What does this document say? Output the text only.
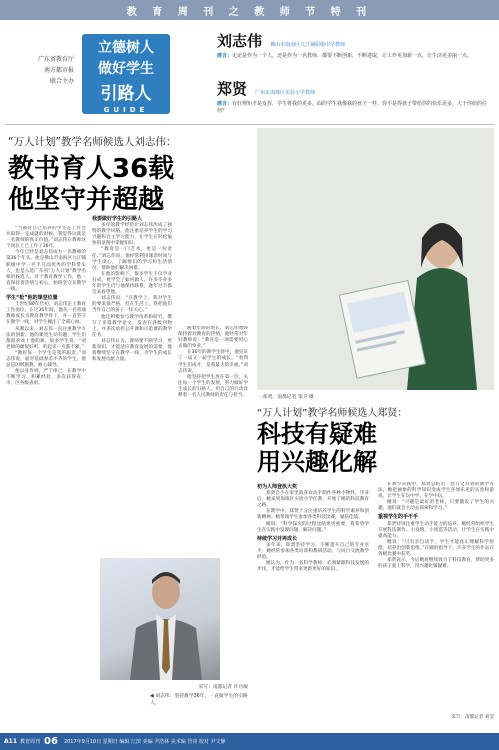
教 育 周 刊 之 教 师 节 特 刊
广东省教育厅
南方都市报
联合主办
立德树人
做好学生
引路人
GUIDE
刘志伟 佛山市南海区九江铺职级中学教师
感言：无论是作为一个人，还是作为一名教师，都要不断创新，不断进取，让工作更加新一点，让生活更美丽一点。
郑贤 广州市海珠区实验小学教师
感言：有好规矩才是发挥，学生将我的更多，面的学生我像我的孩子一样，你不是得孩子带给你的快乐更多，大于你给的任何？
“万人计划”教学名师候选人刘志伟：
教书育人36载
他坚守并超越

“当教育自己培养的学生走上社会并取得一定成就的时候，我觉得这就是一名教师的真正价值。”刘志伟在教师这个岗位上已工作了36年。

今年已经是刘志伟成为一名教师的第36个年头。他是佛山市南海区九江铺职级中学一名平凡而优秀的学科带头人，也是入选广东省“万人计划”教学名师的候选人。对于教育教学工作，他一直保持着热情与初心，始终坚守在教学一线。

学生“抢”他的课堂位置

上世纪80年代初，刘志伟走上教育工作岗位。在这36年间，他从一名普通教师成长为教育教学骨干，并一直坚守在教学一线，对学生倾注了全部心血。

从教以来，刘志伟一直注重教学方法的创新。他的课堂生动有趣，学生们都很喜欢上他的课。很多学生说：“刘老师的课很好听，听起来一点都不累。”

“教好每一个学生是我的职责。”刘志伟说，面对基础参差不齐的学生，他总是因材施教，耐心辅导。

他以身作则，严于律己，在教学中不断学习、积累经验，多次获得省、市、区各级表彰。

我要做好学生的引路人

多年的教学经验让刘志伟形成了独特的教学风格。他注重培养学生的学习兴趣和自主学习能力，让学生在轻松愉快的氛围中掌握知识。

“教育是一门艺术，更是一份责任。”刘志伟说，他经常利用课余时间与学生谈心，了解他们的学习和生活情况，帮助他们解决困难。

在他的影响下，很多学生不仅学业有成，更学会了如何做人。许多毕业多年的学生仍与他保持联系，逢年过节都会来看望他。

刘志伟说：“在教学上，我对学生的要求很严格，但在生活上，我把他们当作自己的孩子一样关心。”

他还积极参与教学改革和研究，撰写了多篇教学论文，发表在各级刊物上，并多次承担公开课和示范课的教学任务。

刘志伟认为，教师要不断学习，更新知识，才能适应教育发展的需要。他将继续坚守在教学一线，为学生的成长和发展贡献力量。

随着年龄的增长，刘志伟始终保持着对教育的热情，他经常对年轻教师说：“教育是一项需要用心去做的事业。”

在36年的教学生涯中，他见证了一届又一届学生的成长。“看到学生们成才，是我最大的幸福。”刘志伟说。

他坚持把学生放在第一位，关注每一个学生的发展，努力做好学生成长的引路人，用自己的行动诠释着一名人民教师的责任与担当。

采写：南都记者 许丹敏
◀ 刘志伟：坚持教学36年，一直做学生的引路人。
一郑贤、南都记者 邹卫 摄
“万人计划”教学名师候选人郑贤：
科技有疑难
用兴趣化解

初为人师登执大奖

郑贤自小在家里就喜欢动手制作各种小物件。毕业后，她来到海珠区实验小学任教，开始了她的科技教育之路。

在教学中，郑贤十分注重培养学生的科学素养和创新精神。她带领学生参加各类科技比赛，屡获佳绩。

她说：“科学探究的过程比结果更重要，我希望学生在实践中发现问题、解决问题。”

持续学习并再成长

多年来，郑贤坚持学习，不断提升自己的专业水平。她经常参加各类培训和教研活动，与同行交流教学经验。

她认为，作为一名科学教师，必须紧跟科技发展的步伐，才能给学生带来更新更好的知识。

在教学实践中，郑贤总结出一套行之有效的教学方法，她把抽象的科学知识变成学生喜闻乐见的实验和游戏，让学生在玩中学、在学中玩。

她说：“兴趣是最好的老师，只要激发了学生的兴趣，他们就会主动去探索和学习。”

重视学生的手不手

郑贤特别注重学生动手能力的培养，她经常组织学生开展科技制作、小发明、小创造等活动，让学生在实践中提高能力。

她说：“只有亲自动手，学生才能真正理解科学原理，培养出创新思维。”在她的指导下，许多学生的作品在各级比赛中获奖。

郑贤表示，今后她将继续致力于科技教育，帮助更多的孩子爱上科学，用兴趣化解疑难。

采写：南都记者 刘莹
A11 教育周刊 06 2017年9月10日 星期日 编辑 江滨 美编 尹浩林 美术编 管亮 校对 尹文静
